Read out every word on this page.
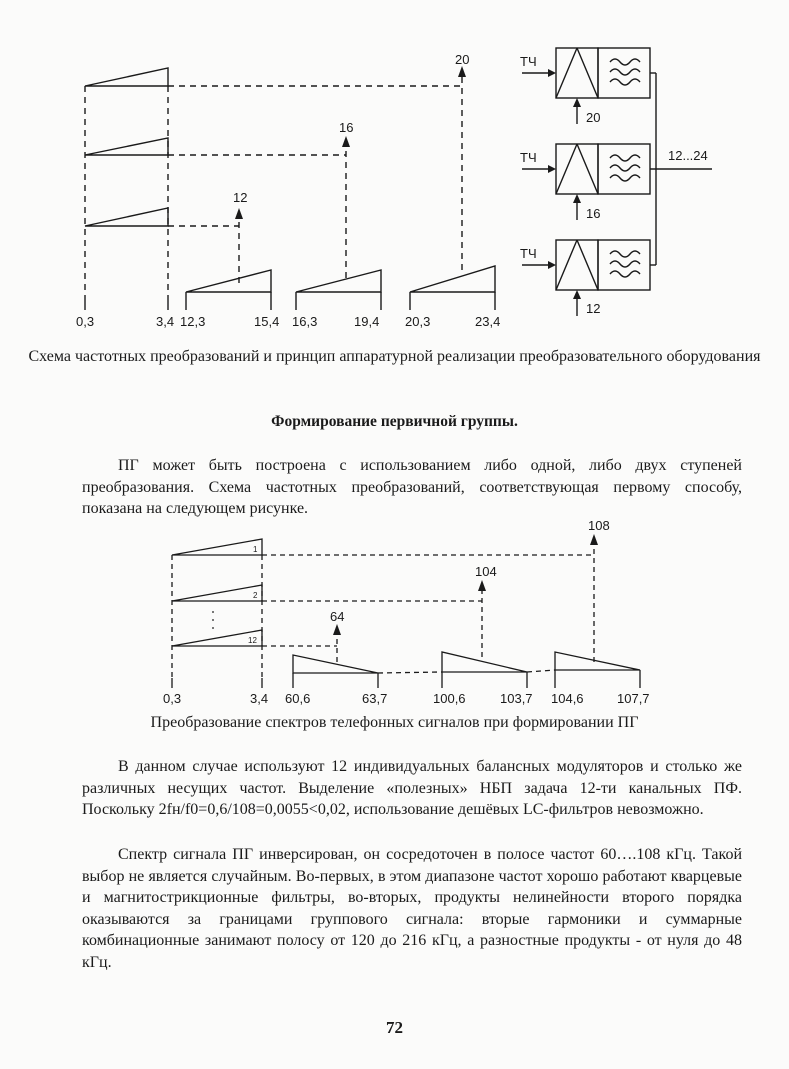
20
16
12
0,3	3,4 12,3	15,4 16,3	19,4 20,3	23,4
ТЧ
ТЧ
ТЧ
20
16
12
12...24
Схема частотных преобразований и принцип аппаратурной реализации преобразовательного оборудования
Формирование первичной группы.
ПГ может быть построена с использованием либо одной, либо двух ступеней преобразования. Схема частотных преобразований, соответствующая первому способу, показана на следующем рисунке.
108
104
64
1
2
12
0,3	3,4 60,6	63,7	100,6	103,7 104,6	107,7
Преобразование спектров телефонных сигналов при формировании ПГ
В данном случае используют 12 индивидуальных балансных модуляторов и столько же различных несущих частот. Выделение «полезных» НБП задача 12-ти канальных ПФ. Поскольку 2fн/f0=0,6/108=0,0055<0,02, использование дешёвых LC-фильтров невозможно.
Спектр сигнала ПГ инверсирован, он сосредоточен в полосе частот 60….108 кГц. Такой выбор не является случайным. Во-первых, в этом диапазоне частот хорошо работают кварцевые и магнитострикционные фильтры, во-вторых, продукты нелинейности второго порядка оказываются за границами группового сигнала: вторые гармоники и суммарные комбинационные занимают полосу от 120 до 216 кГц, а разностные продукты - от нуля до 48 кГц.
72
